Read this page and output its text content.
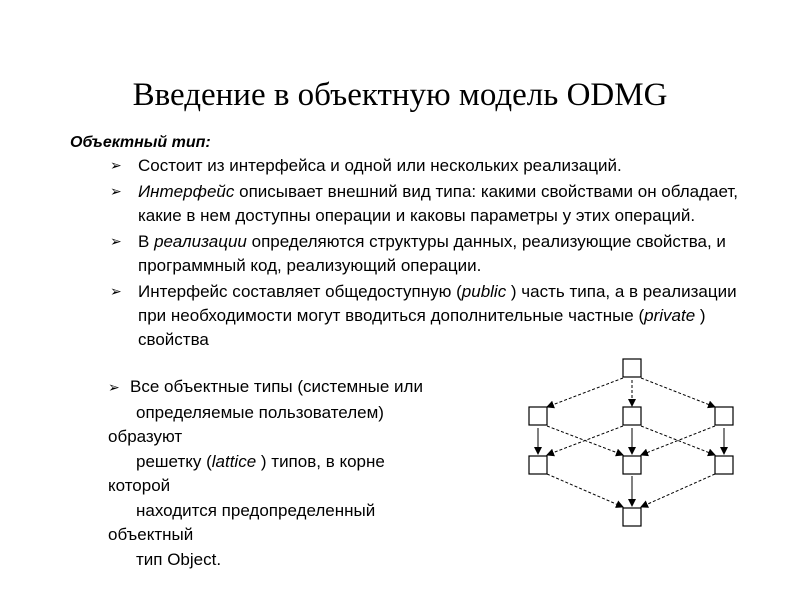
Введение в объектную модель ODMG
Объектный тип:
➢ Состоит из интерфейса и одной или нескольких реализаций.
➢ Интерфейс описывает внешний вид типа: какими свойствами он обладает, какие в нем доступны операции и каковы параметры у этих операций.
➢ В реализации определяются структуры данных, реализующие свойства, и программный код, реализующий операции.
➢ Интерфейс составляет общедоступную (public ) часть типа, а в реализации при необходимости могут вводиться дополнительные частные (private ) свойства
➢ Все объектные типы (системные или
определяемые пользователем)
образуют
решетку (lattice ) типов, в корне
которой
находится предопределенный
объектный
тип Object.
